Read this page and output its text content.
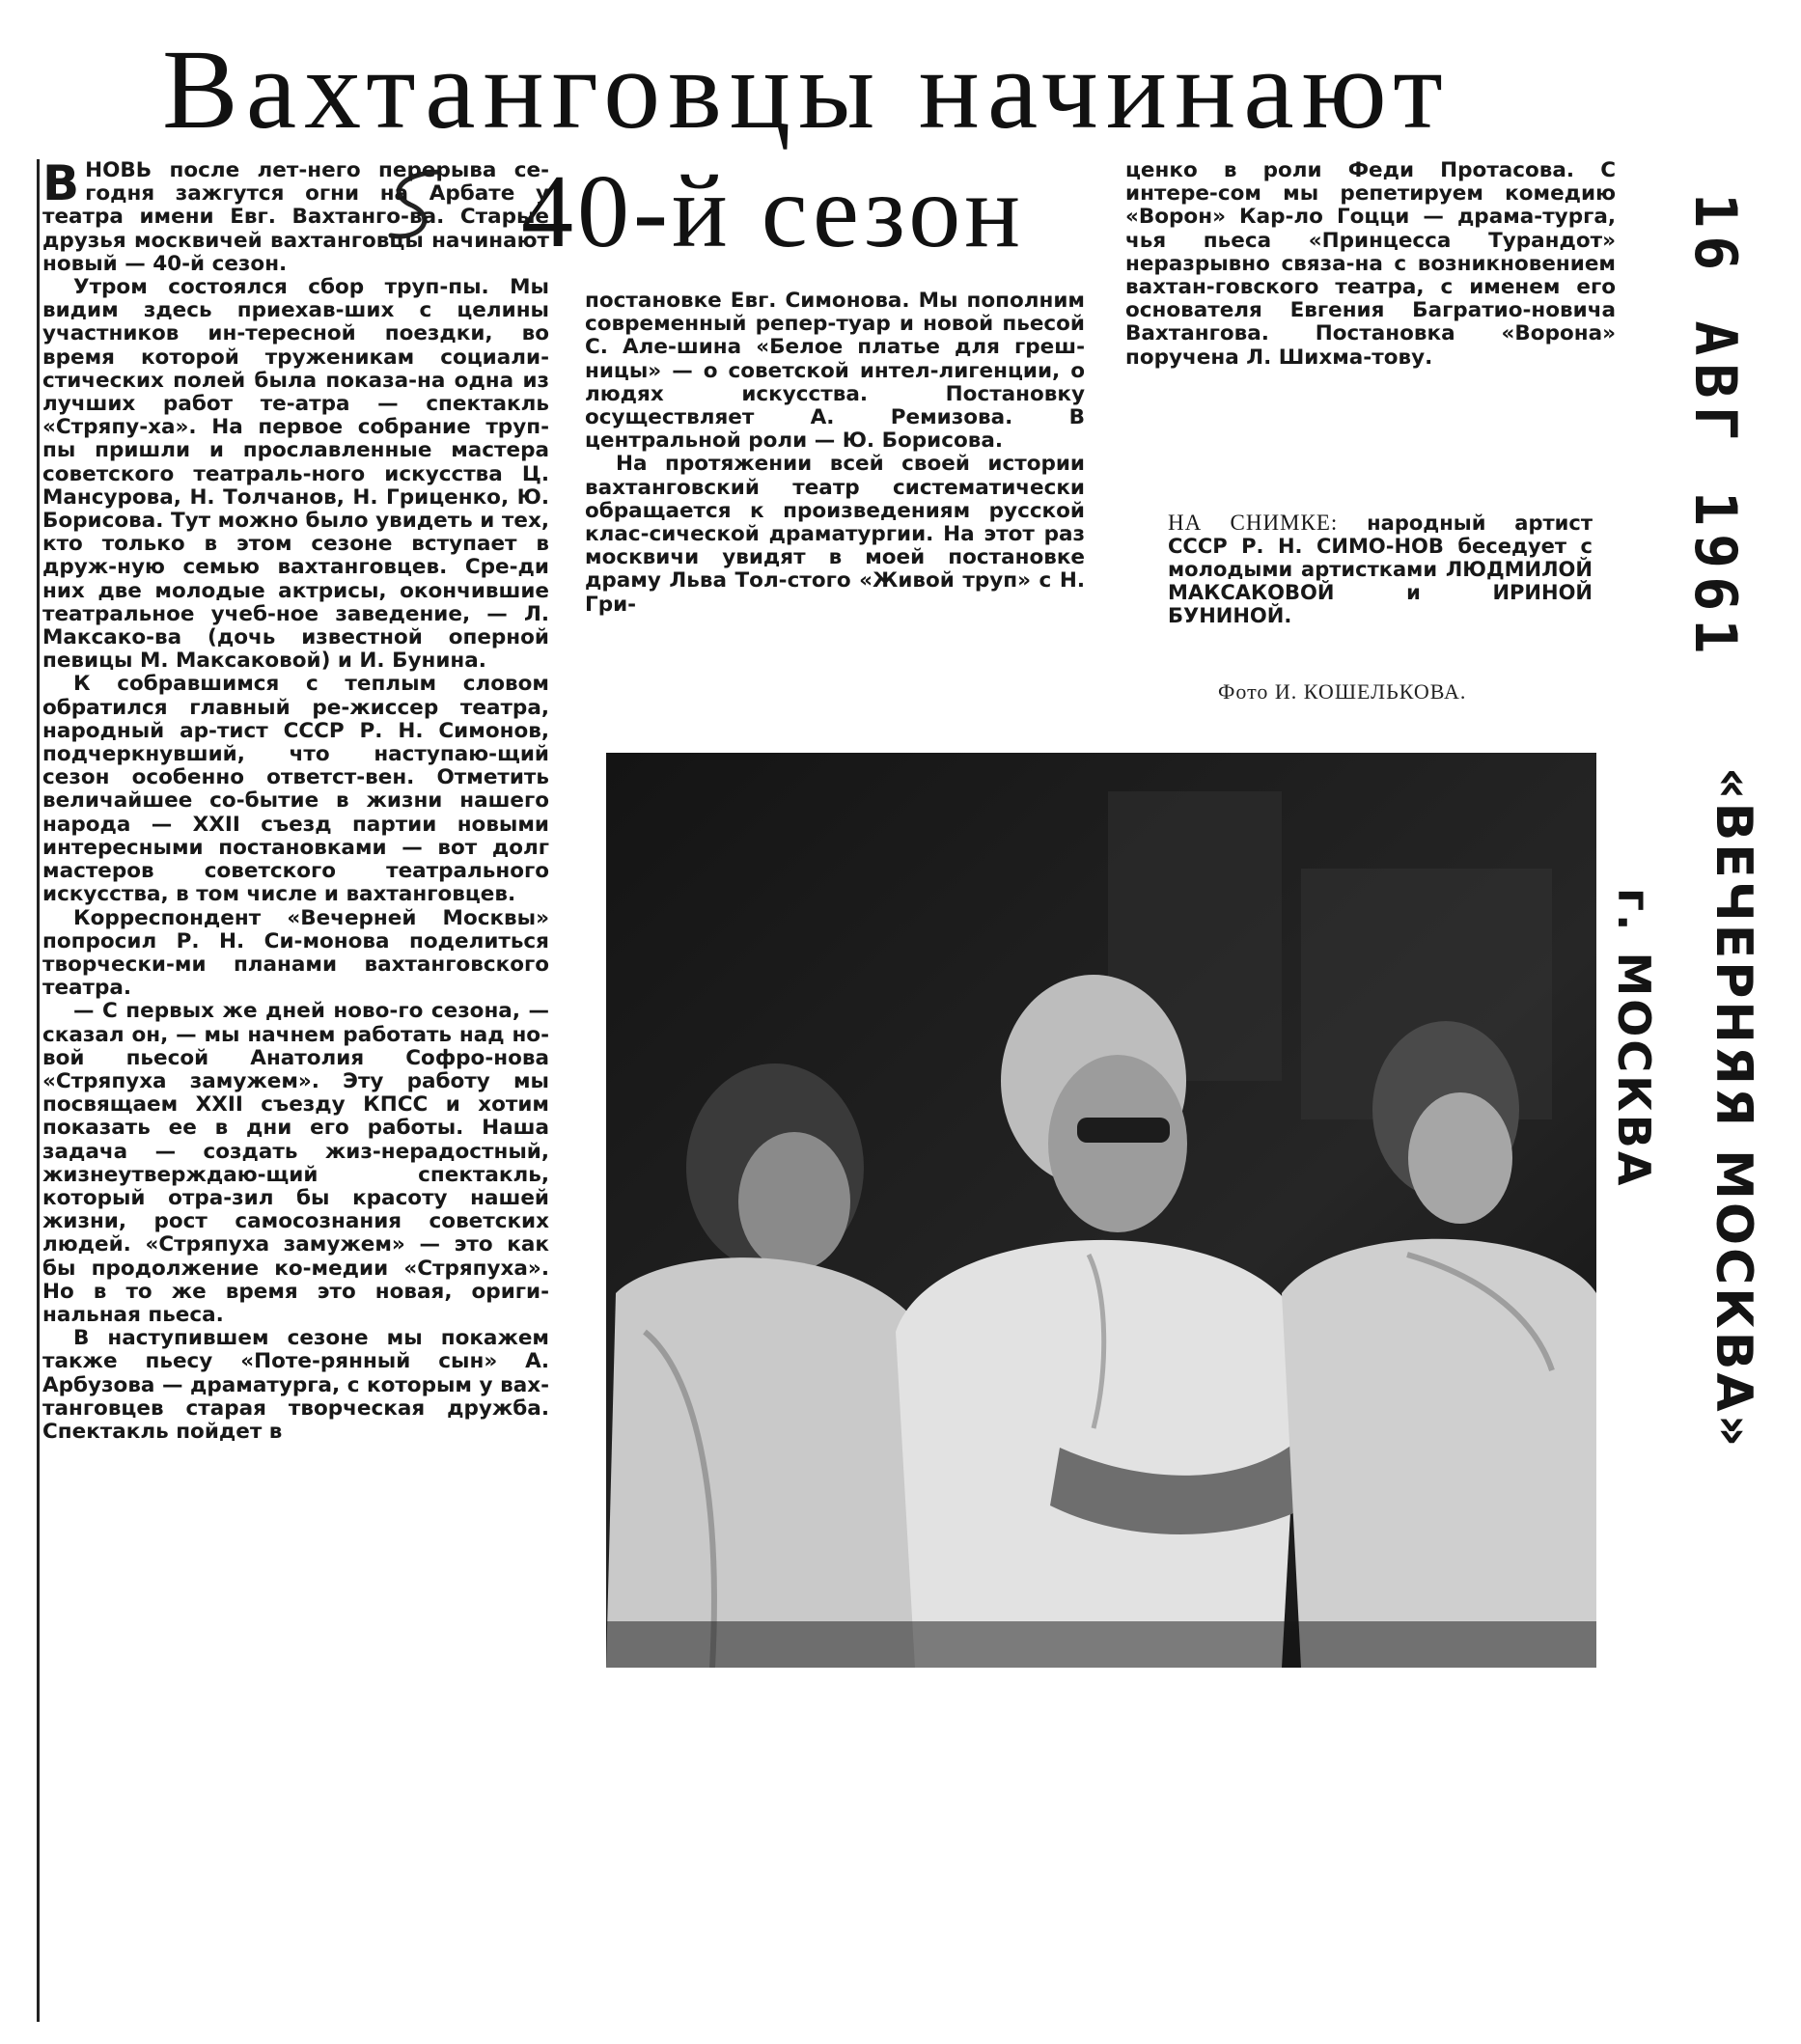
Вахтанговцы начинают
40-й сезон

ВНОВЬ после лет-него перерыва се-годня зажгутся огни на Арбате у театра имени Евг. Вахтанго-ва. Старые друзья москвичей вахтанговцы начинают новый — 40-й сезон.

Утром состоялся сбор труп-пы. Мы видим здесь приехав-ших с целины участников ин-тересной поездки, во время которой труженикам социали-стических полей была показа-на одна из лучших работ те-атра — спектакль «Стряпу-ха». На первое собрание труп-пы пришли и прославленные мастера советского театраль-ного искусства Ц. Мансурова, Н. Толчанов, Н. Гриценко, Ю. Борисова. Тут можно было увидеть и тех, кто только в этом сезоне вступает в друж-ную семью вахтанговцев. Сре-ди них две молодые актрисы, окончившие театральное учеб-ное заведение, — Л. Максако-ва (дочь известной оперной певицы М. Максаковой) и И. Бунина.

К собравшимся с теплым словом обратился главный ре-жиссер театра, народный ар-тист СССР Р. Н. Симонов, подчеркнувший, что наступаю-щий сезон особенно ответст-вен. Отметить величайшее со-бытие в жизни нашего народа — XXII съезд партии новыми интересными постановками — вот долг мастеров советского театрального искусства, в том числе и вахтанговцев.

Корреспондент «Вечерней Москвы» попросил Р. Н. Си-монова поделиться творчески-ми планами вахтанговского театра.

— С первых же дней ново-го сезона, — сказал он, — мы начнем работать над но-вой пьесой Анатолия Софро-нова «Стряпуха замужем». Эту работу мы посвящаем XXII съезду КПСС и хотим показать ее в дни его работы. Наша задача — создать жиз-нерадостный, жизнеутверждаю-щий спектакль, который отра-зил бы красоту нашей жизни, рост самосознания советских людей. «Стряпуха замужем» — это как бы продолжение ко-медии «Стряпуха». Но в то же время это новая, ориги-нальная пьеса.

В наступившем сезоне мы покажем также пьесу «Поте-рянный сын» А. Арбузова — драматурга, с которым у вах-танговцев старая творческая дружба. Спектакль пойдет в

постановке Евг. Симонова. Мы пополним современный репер-туар и новой пьесой С. Але-шина «Белое платье для греш-ницы» — о советской интел-лигенции, о людях искусства. Постановку осуществляет А. Ремизова. В центральной роли — Ю. Борисова.

На протяжении всей своей истории вахтанговский театр систематически обращается к произведениям русской клас-сической драматургии. На этот раз москвичи увидят в моей постановке драму Льва Тол-стого «Живой труп» с Н. Гри-

ценко в роли Феди Протасова. С интере-сом мы репетируем комедию «Ворон» Кар-ло Гоцци — драма-турга, чья пьеса «Принцесса Турандот» неразрывно связа-на с возникновением вахтан-говского театра, с именем его основателя Евгения Багратио-новича Вахтангова. Постановка «Ворона» поручена Л. Шихма-тову.

НА СНИМКЕ: народный артист СССР Р. Н. СИМО-НОВ беседует с молодыми артистками ЛЮДМИЛОЙ МАКСАКОВОЙ и ИРИНОЙ БУНИНОЙ.
Фото И. КОШЕЛЬКОВА.
16 АВГ 1961
«ВЕЧЕРНЯЯ МОСКВА»
г. МОСКВА
